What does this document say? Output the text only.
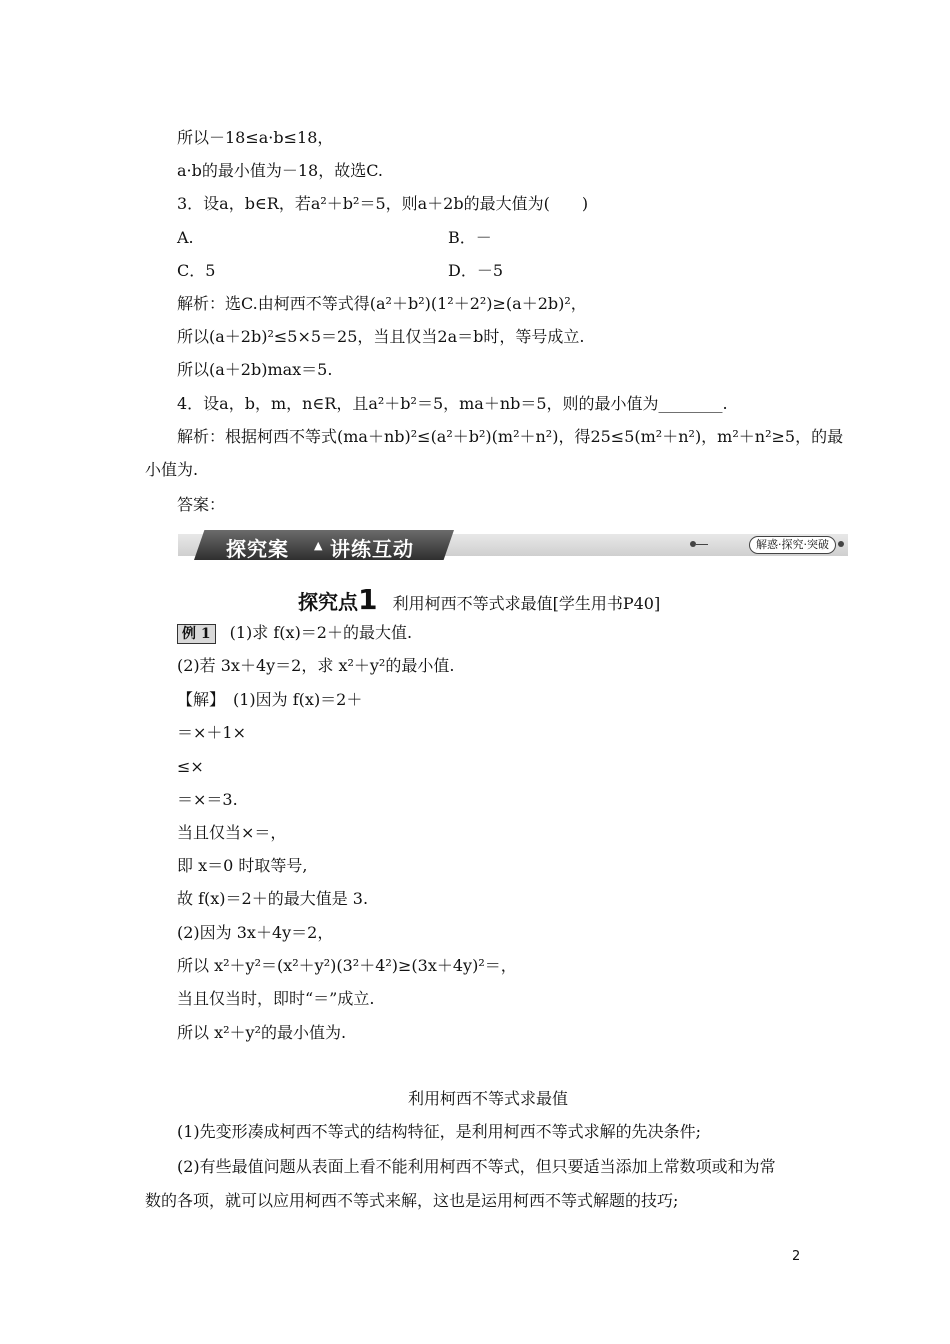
所以－18≤a·b≤18，
a·b的最小值为－18，故选C.
3．设a，b∈R，若a²＋b²＝5，则a＋2b的最大值为(　　)
A.	B．－
C．5	D．－5
解析：选C.由柯西不等式得(a²＋b²)(1²＋2²)≥(a＋2b)²，
所以(a＋2b)²≤5×5＝25，当且仅当2a＝b时，等号成立.
所以(a＋2b)max＝5.
4．设a，b，m，n∈R，且a²＋b²＝5，ma＋nb＝5，则的最小值为________.
解析：根据柯西不等式(ma＋nb)²≤(a²＋b²)(m²＋n²)，得25≤5(m²＋n²)，m²＋n²≥5，的最
小值为.
答案：
探究案 ▲ 讲练互动	解惑·探究·突破
探究点1 利用柯西不等式求最值[学生用书P40]
例 1 (1)求 f(x)＝2＋的最大值.
(2)若 3x＋4y＝2，求 x²＋y²的最小值.
【解】　(1)因为 f(x)＝2＋
＝×＋1×
≤×
＝×＝3.
当且仅当×＝，
即 x＝0 时取等号,
故 f(x)＝2＋的最大值是 3.
(2)因为 3x＋4y＝2，
所以 x²＋y²＝(x²＋y²)(3²＋4²)≥(3x＋4y)²＝，
当且仅当时，即时“＝”成立.
所以 x²＋y²的最小值为.
利用柯西不等式求最值
(1)先变形凑成柯西不等式的结构特征，是利用柯西不等式求解的先决条件;
(2)有些最值问题从表面上看不能利用柯西不等式，但只要适当添加上常数项或和为常
数的各项，就可以应用柯西不等式来解，这也是运用柯西不等式解题的技巧;
2
